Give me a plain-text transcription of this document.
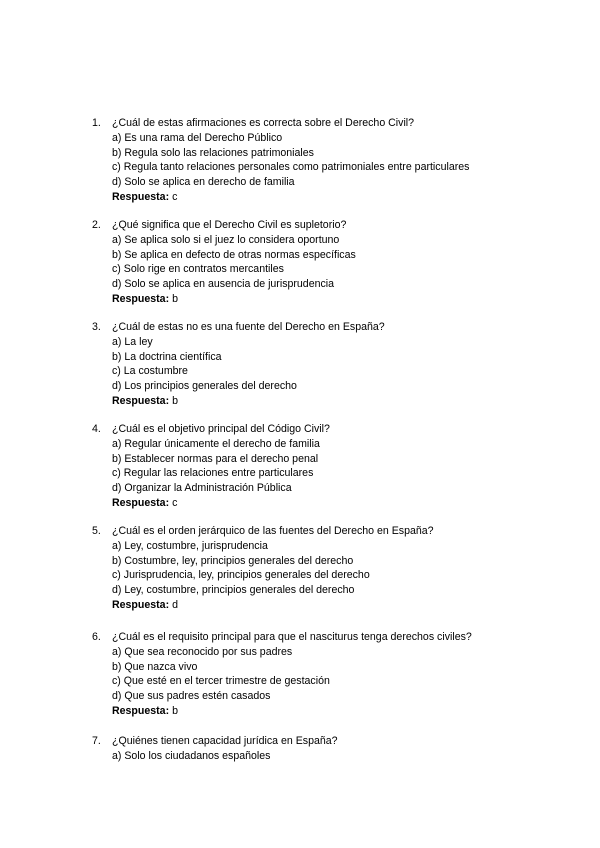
1.	¿Cuál de estas afirmaciones es correcta sobre el Derecho Civil?
a) Es una rama del Derecho Público
b) Regula solo las relaciones patrimoniales
c) Regula tanto relaciones personales como patrimoniales entre particulares
d) Solo se aplica en derecho de familia
Respuesta: c
2.	¿Qué significa que el Derecho Civil es supletorio?
a) Se aplica solo si el juez lo considera oportuno
b) Se aplica en defecto de otras normas específicas
c) Solo rige en contratos mercantiles
d) Solo se aplica en ausencia de jurisprudencia
Respuesta: b
3.	¿Cuál de estas no es una fuente del Derecho en España?
a) La ley
b) La doctrina científica
c) La costumbre
d) Los principios generales del derecho
Respuesta: b
4.	¿Cuál es el objetivo principal del Código Civil?
a) Regular únicamente el derecho de familia
b) Establecer normas para el derecho penal
c) Regular las relaciones entre particulares
d) Organizar la Administración Pública
Respuesta: c
5.	¿Cuál es el orden jerárquico de las fuentes del Derecho en España?
a) Ley, costumbre, jurisprudencia
b) Costumbre, ley, principios generales del derecho
c) Jurisprudencia, ley, principios generales del derecho
d) Ley, costumbre, principios generales del derecho
Respuesta: d
6.	¿Cuál es el requisito principal para que el nasciturus tenga derechos civiles?
a) Que sea reconocido por sus padres
b) Que nazca vivo
c) Que esté en el tercer trimestre de gestación
d) Que sus padres estén casados
Respuesta: b
7.	¿Quiénes tienen capacidad jurídica en España?
a) Solo los ciudadanos españoles
